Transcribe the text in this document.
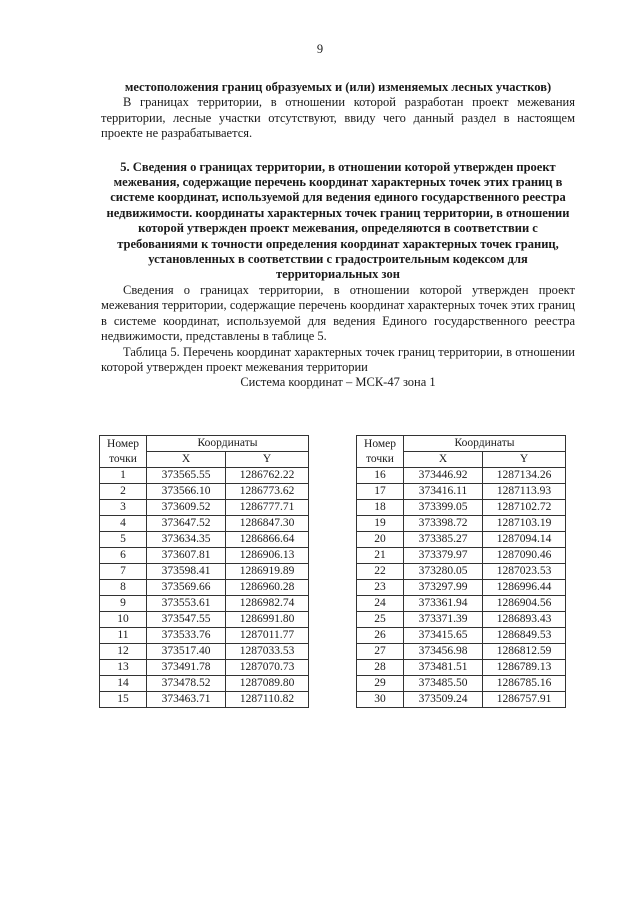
9

местоположения границ образуемых и (или) изменяемых лесных участков)

В границах территории, в отношении которой разработан проект межевания территории, лесные участки отсутствуют, ввиду чего данный раздел в настоящем проекте не разрабатывается.

5. Сведения о границах территории, в отношении которой утвержден проект межевания, содержащие перечень координат характерных точек этих границ в системе координат, используемой для ведения единого государственного реестра недвижимости. координаты характерных точек границ территории, в отношении которой утвержден проект межевания, определяются в соответствии с требованиями к точности определения координат характерных точек границ, установленных в соответствии с градостроительным кодексом для территориальных зон

Сведения о границах территории, в отношении которой утвержден проект межевания территории, содержащие перечень координат характерных точек этих границ в системе координат, используемой для ведения Единого государственного реестра недвижимости, представлены в таблице 5.

Таблица 5. Перечень координат характерных точек границ территории, в отношении которой утвержден проект межевания территории

Система координат – МСК-47 зона 1

Номер точки	Координаты	
	X	Y
1	373565.55	1286762.22
2	373566.10	1286773.62
3	373609.52	1286777.71
4	373647.52	1286847.30
5	373634.35	1286866.64
6	373607.81	1286906.13
7	373598.41	1286919.89
8	373569.66	1286960.28
9	373553.61	1286982.74
10	373547.55	1286991.80
11	373533.76	1287011.77
12	373517.40	1287033.53
13	373491.78	1287070.73
14	373478.52	1287089.80
15	373463.71	1287110.82
Номер точки	Координаты	
	X	Y
16	373446.92	1287134.26
17	373416.11	1287113.93
18	373399.05	1287102.72
19	373398.72	1287103.19
20	373385.27	1287094.14
21	373379.97	1287090.46
22	373280.05	1287023.53
23	373297.99	1286996.44
24	373361.94	1286904.56
25	373371.39	1286893.43
26	373415.65	1286849.53
27	373456.98	1286812.59
28	373481.51	1286789.13
29	373485.50	1286785.16
30	373509.24	1286757.91
